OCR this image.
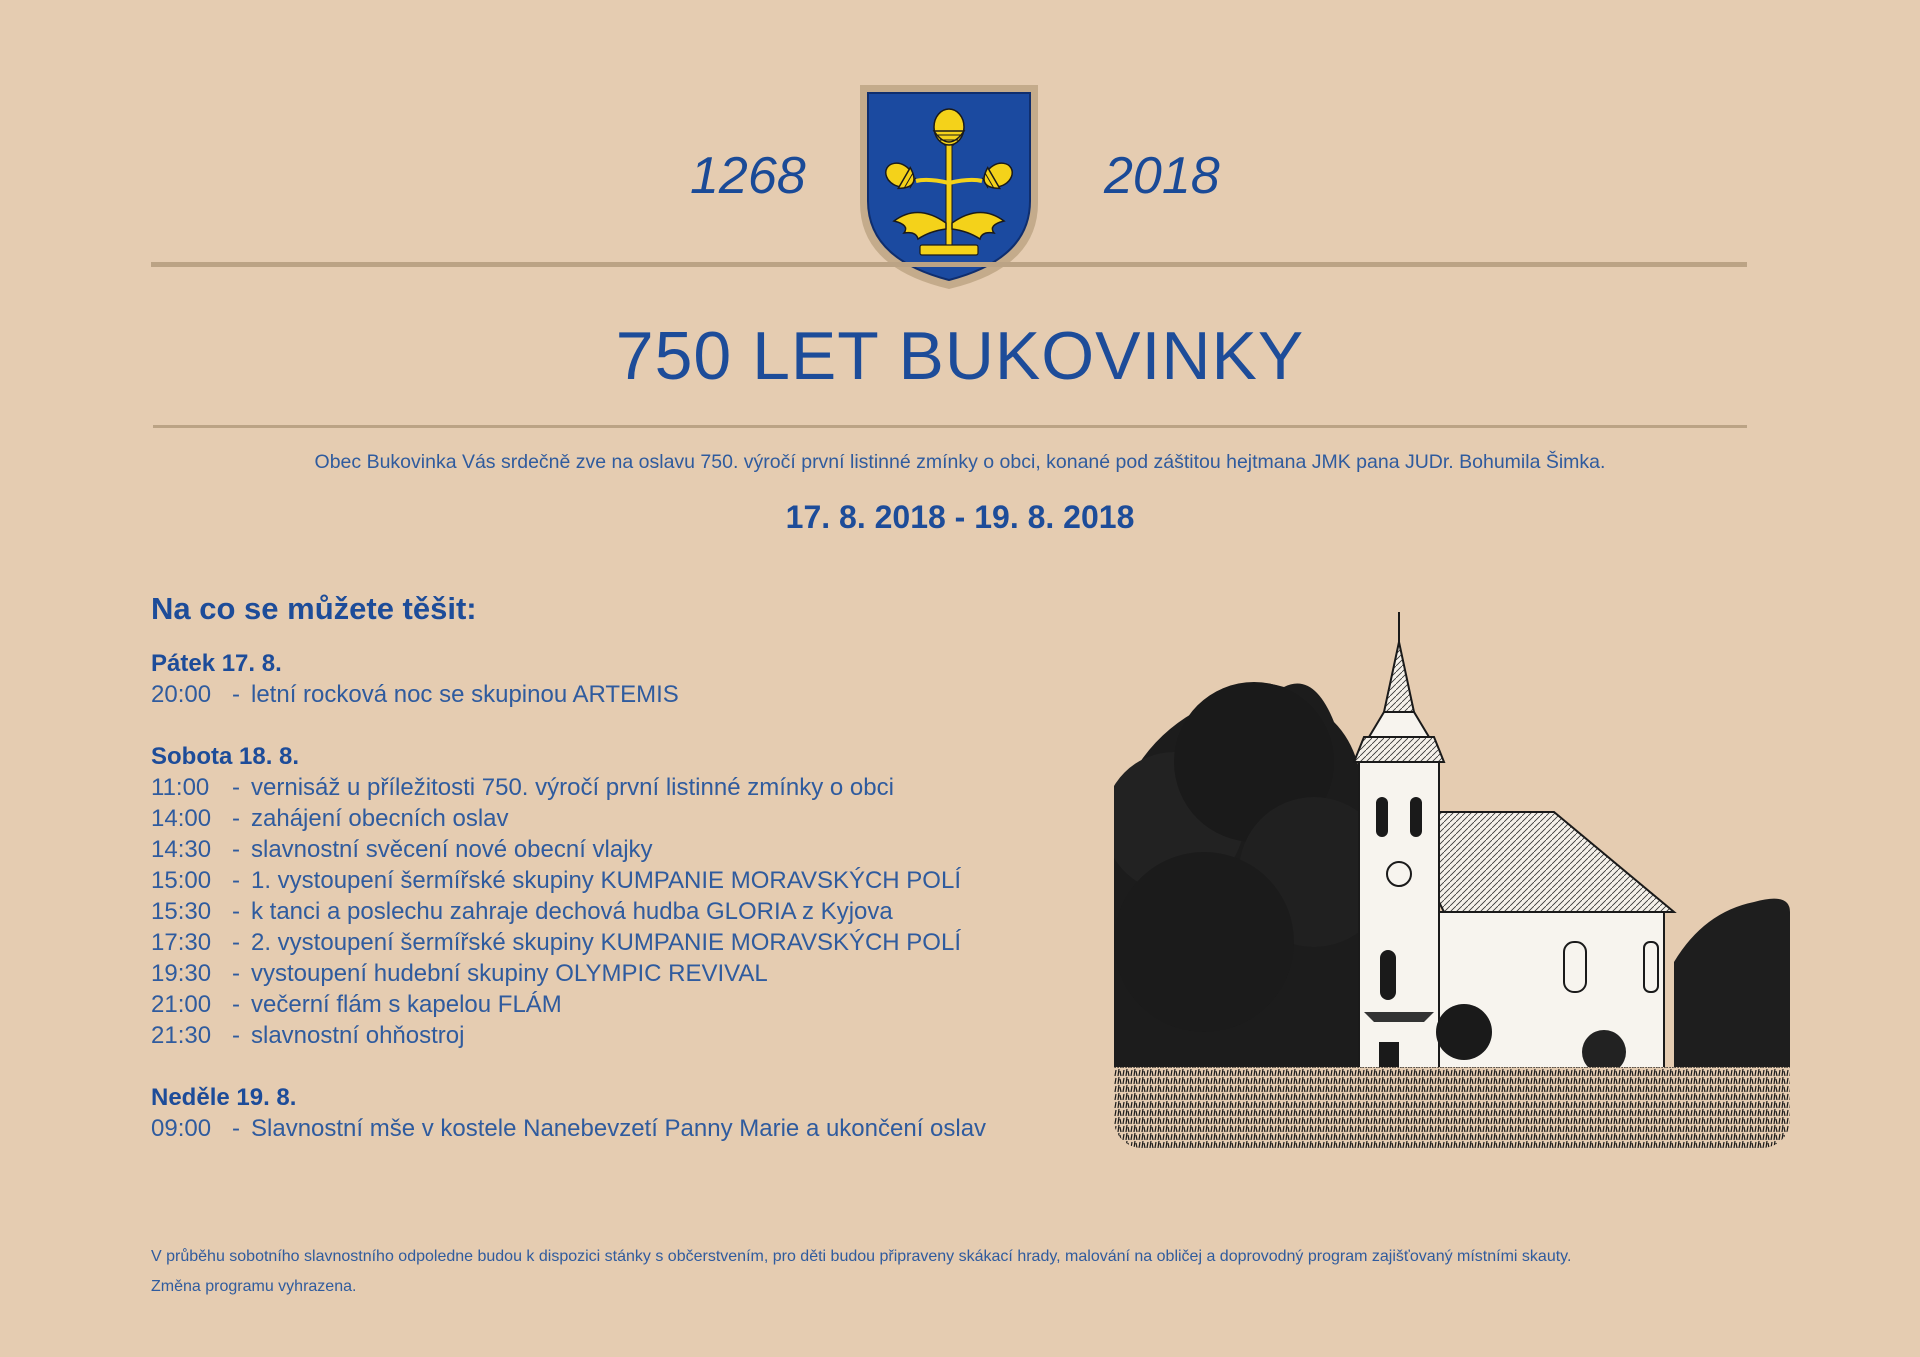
1268	2018
750 LET BUKOVINKY
Obec Bukovinka Vás srdečně zve na oslavu 750. výročí první listinné zmínky o obci, konané pod záštitou hejtmana JMK pana JUDr. Bohumila Šimka.
17. 8. 2018 - 19. 8. 2018
Na co se můžete těšit:
Pátek 17. 8.
20:00 - letní rocková noc se skupinou ARTEMIS
Sobota 18. 8.
11:00 - vernisáž u příležitosti 750. výročí první listinné zmínky o obci
14:00 - zahájení obecních oslav
14:30 - slavnostní svěcení nové obecní vlajky
15:00 - 1. vystoupení šermířské skupiny KUMPANIE MORAVSKÝCH POLÍ
15:30 - k tanci a poslechu zahraje dechová hudba GLORIA z Kyjova
17:30 - 2. vystoupení šermířské skupiny KUMPANIE MORAVSKÝCH POLÍ
19:30 - vystoupení hudební skupiny OLYMPIC REVIVAL
21:00 - večerní flám s kapelou FLÁM
21:30 - slavnostní ohňostroj
Neděle 19. 8.
09:00 - Slavnostní mše v kostele Nanebevzetí Panny Marie a ukončení oslav
V průběhu sobotního slavnostního odpoledne budou k dispozici stánky s občerstvením, pro děti budou připraveny skákací hrady, malování na obličej a doprovodný program zajišťovaný místními skauty.
Změna programu vyhrazena.
